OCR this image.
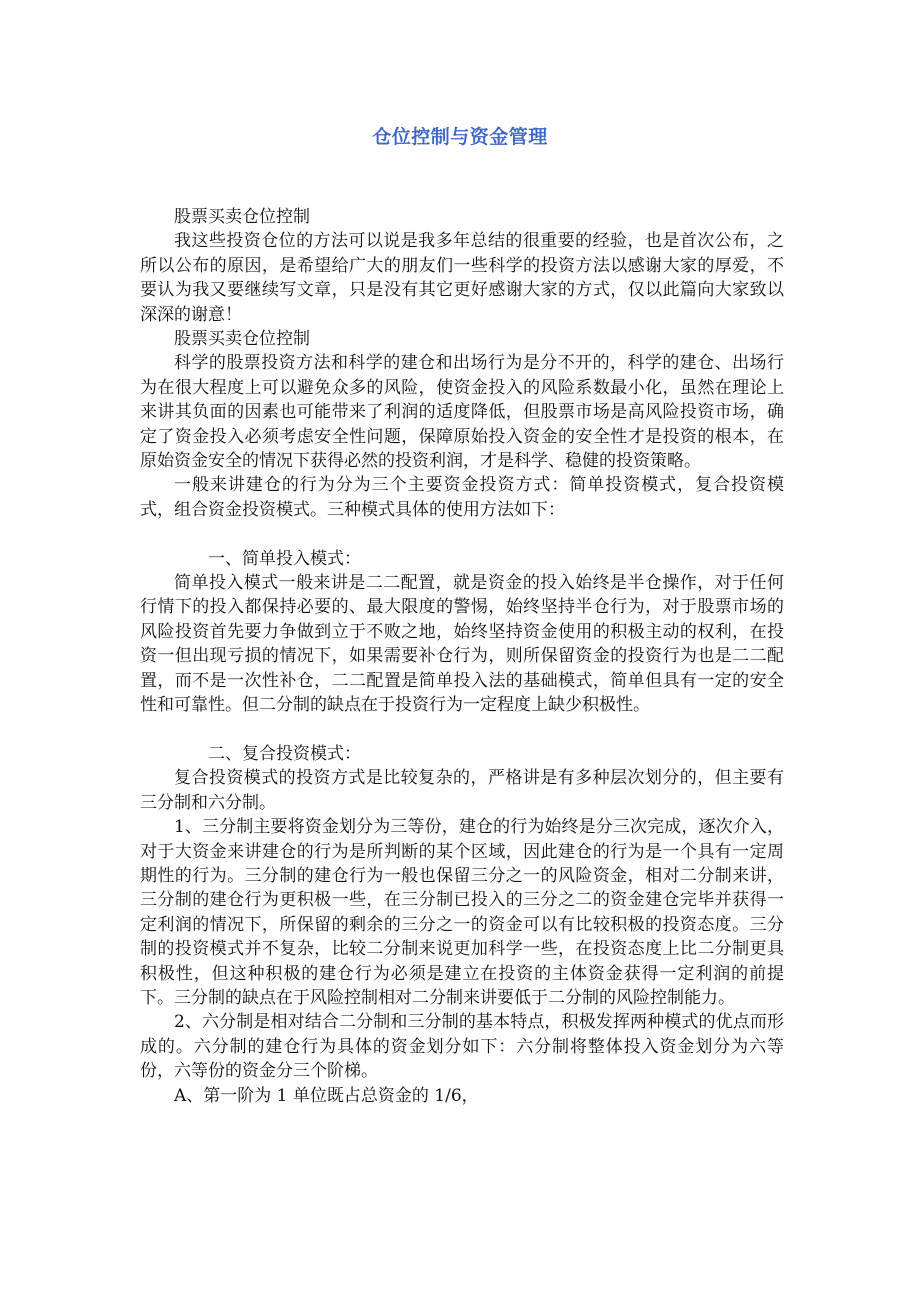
仓位控制与资金管理

股票买卖仓位控制

我这些投资仓位的方法可以说是我多年总结的很重要的经验，也是首次公布，之所以公布的原因，是希望给广大的朋友们一些科学的投资方法以感谢大家的厚爱，不要认为我又要继续写文章，只是没有其它更好感谢大家的方式，仅以此篇向大家致以深深的谢意！

股票买卖仓位控制

科学的股票投资方法和科学的建仓和出场行为是分不开的，科学的建仓、出场行为在很大程度上可以避免众多的风险，使资金投入的风险系数最小化，虽然在理论上来讲其负面的因素也可能带来了利润的适度降低，但股票市场是高风险投资市场，确定了资金投入必须考虑安全性问题，保障原始投入资金的安全性才是投资的根本，在原始资金安全的情况下获得必然的投资利润，才是科学、稳健的投资策略。

一般来讲建仓的行为分为三个主要资金投资方式：简单投资模式，复合投资模式，组合资金投资模式。三种模式具体的使用方法如下：

一、简单投入模式：

简单投入模式一般来讲是二二配置，就是资金的投入始终是半仓操作，对于任何行情下的投入都保持必要的、最大限度的警惕，始终坚持半仓行为，对于股票市场的风险投资首先要力争做到立于不败之地，始终坚持资金使用的积极主动的权利，在投资一但出现亏损的情况下，如果需要补仓行为，则所保留资金的投资行为也是二二配置，而不是一次性补仓，二二配置是简单投入法的基础模式，简单但具有一定的安全性和可靠性。但二分制的缺点在于投资行为一定程度上缺少积极性。

二、复合投资模式：

复合投资模式的投资方式是比较复杂的，严格讲是有多种层次划分的，但主要有三分制和六分制。

1、三分制主要将资金划分为三等份，建仓的行为始终是分三次完成，逐次介入，对于大资金来讲建仓的行为是所判断的某个区域，因此建仓的行为是一个具有一定周期性的行为。三分制的建仓行为一般也保留三分之一的风险资金，相对二分制来讲，三分制的建仓行为更积极一些，在三分制已投入的三分之二的资金建仓完毕并获得一定利润的情况下，所保留的剩余的三分之一的资金可以有比较积极的投资态度。三分制的投资模式并不复杂，比较二分制来说更加科学一些，在投资态度上比二分制更具积极性，但这种积极的建仓行为必须是建立在投资的主体资金获得一定利润的前提下。三分制的缺点在于风险控制相对二分制来讲要低于二分制的风险控制能力。

2、六分制是相对结合二分制和三分制的基本特点，积极发挥两种模式的优点而形成的。六分制的建仓行为具体的资金划分如下：六分制将整体投入资金划分为六等份，六等份的资金分三个阶梯。

A、第一阶为 1 单位既占总资金的 1/6，
